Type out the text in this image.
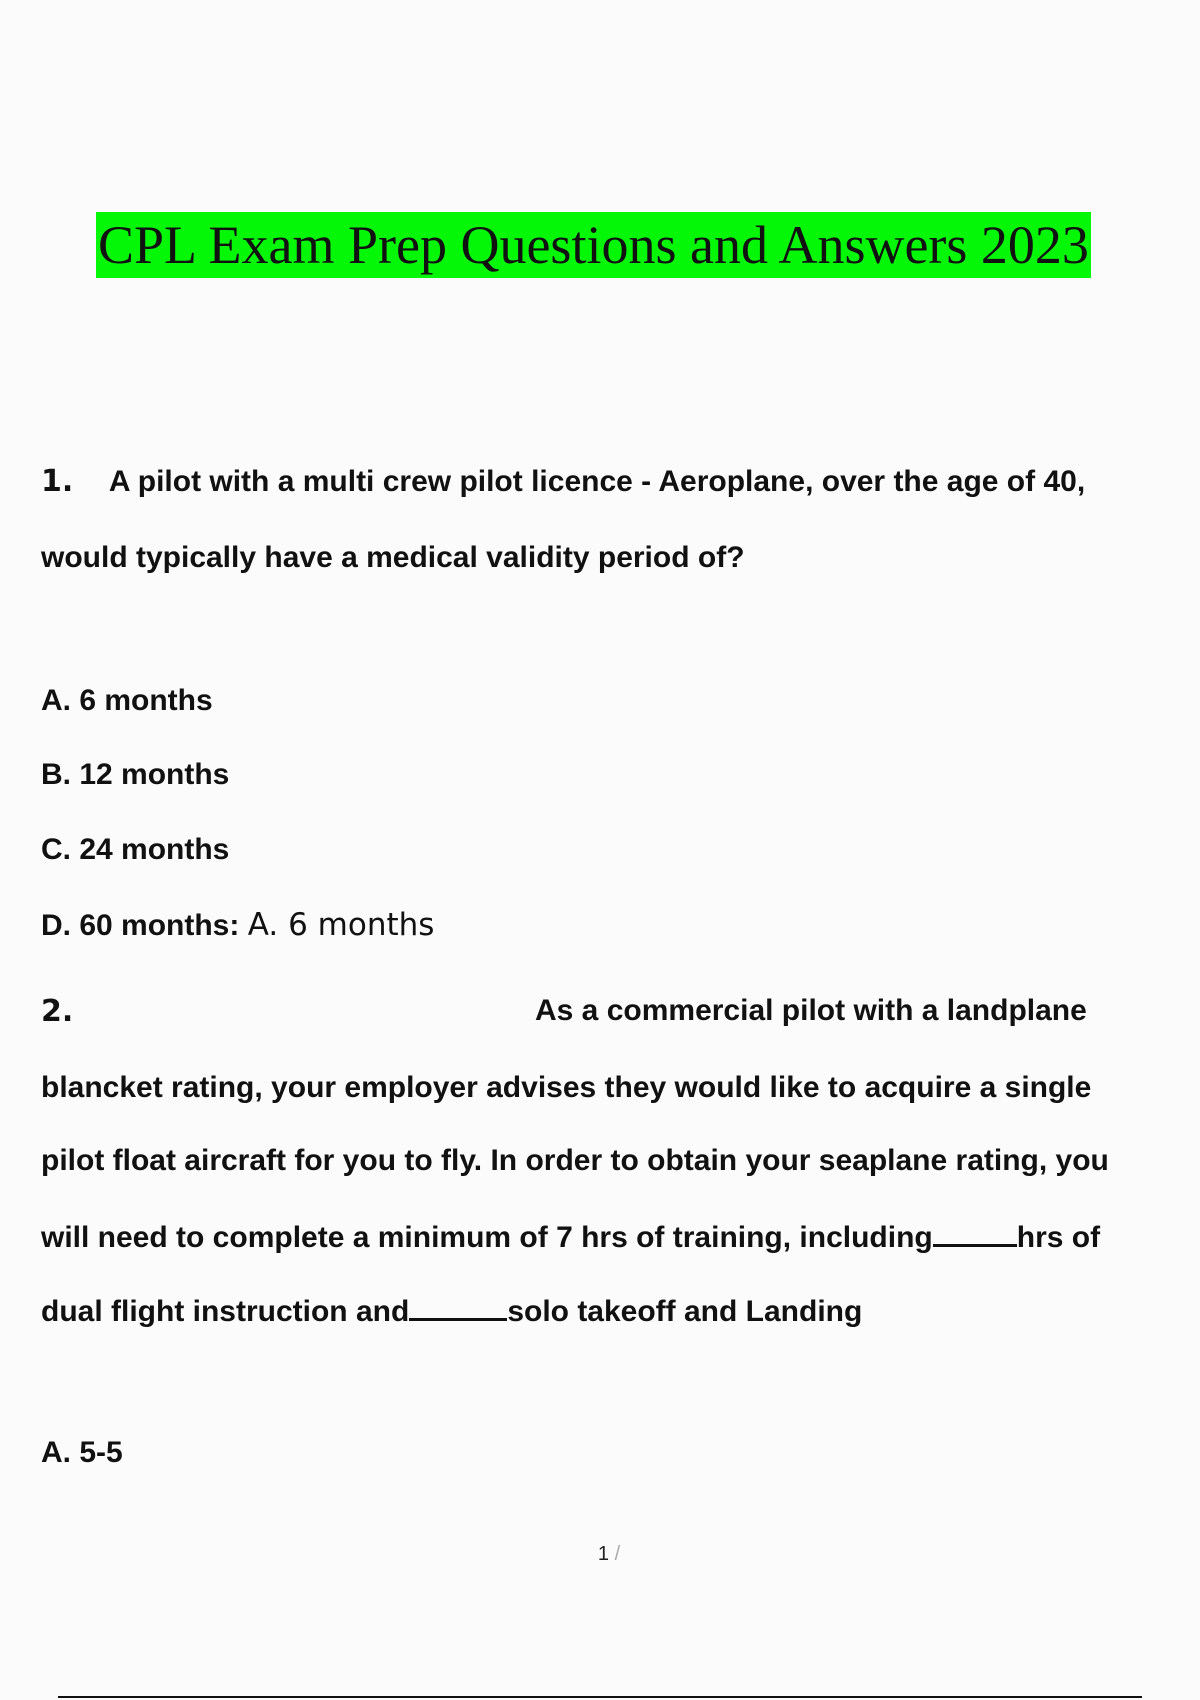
CPL Exam Prep Questions and Answers 2023
1. A pilot with a multi crew pilot licence - Aeroplane, over the age of 40,
would typically have a medical validity period of?
A. 6 months
B. 12 months
C. 24 months
D. 60 months: A. 6 months
2.	As a commercial pilot with a landplane
blancket rating, your employer advises they would like to acquire a single
pilot float aircraft for you to fly. In order to obtain your seaplane rating, you
will need to complete a minimum of 7 hrs of training, including	hrs of
dual flight instruction and	solo takeoff and Landing
A. 5-5
1 /
